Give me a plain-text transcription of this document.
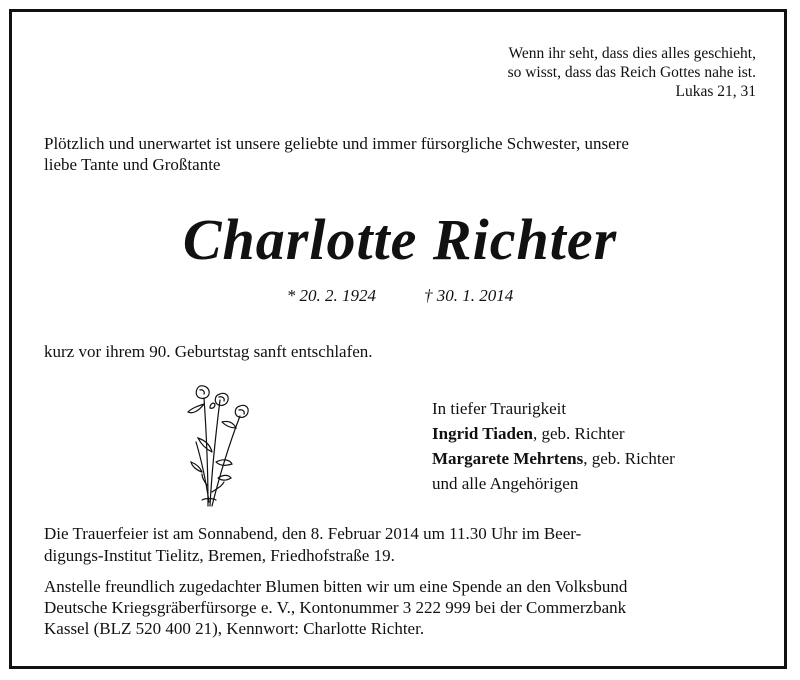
Wenn ihr seht, dass dies alles geschieht,
so wisst, dass das Reich Gottes nahe ist.
Lukas 21, 31
Plötzlich und unerwartet ist unsere geliebte und immer fürsorgliche Schwester, unsere
liebe Tante und Großtante
Charlotte Richter
* 20. 2. 1924	† 30. 1. 2014
kurz vor ihrem 90. Geburtstag sanft entschlafen.
In tiefer Traurigkeit
Ingrid Tiaden, geb. Richter
Margarete Mehrtens, geb. Richter
und alle Angehörigen
Die Trauerfeier ist am Sonnabend, den 8. Februar 2014 um 11.30 Uhr im Beer-
digungs-Institut Tielitz, Bremen, Friedhofstraße 19.
Anstelle freundlich zugedachter Blumen bitten wir um eine Spende an den Volksbund
Deutsche Kriegsgräberfürsorge e. V., Kontonummer 3 222 999 bei der Commerzbank
Kassel (BLZ 520 400 21), Kennwort: Charlotte Richter.
